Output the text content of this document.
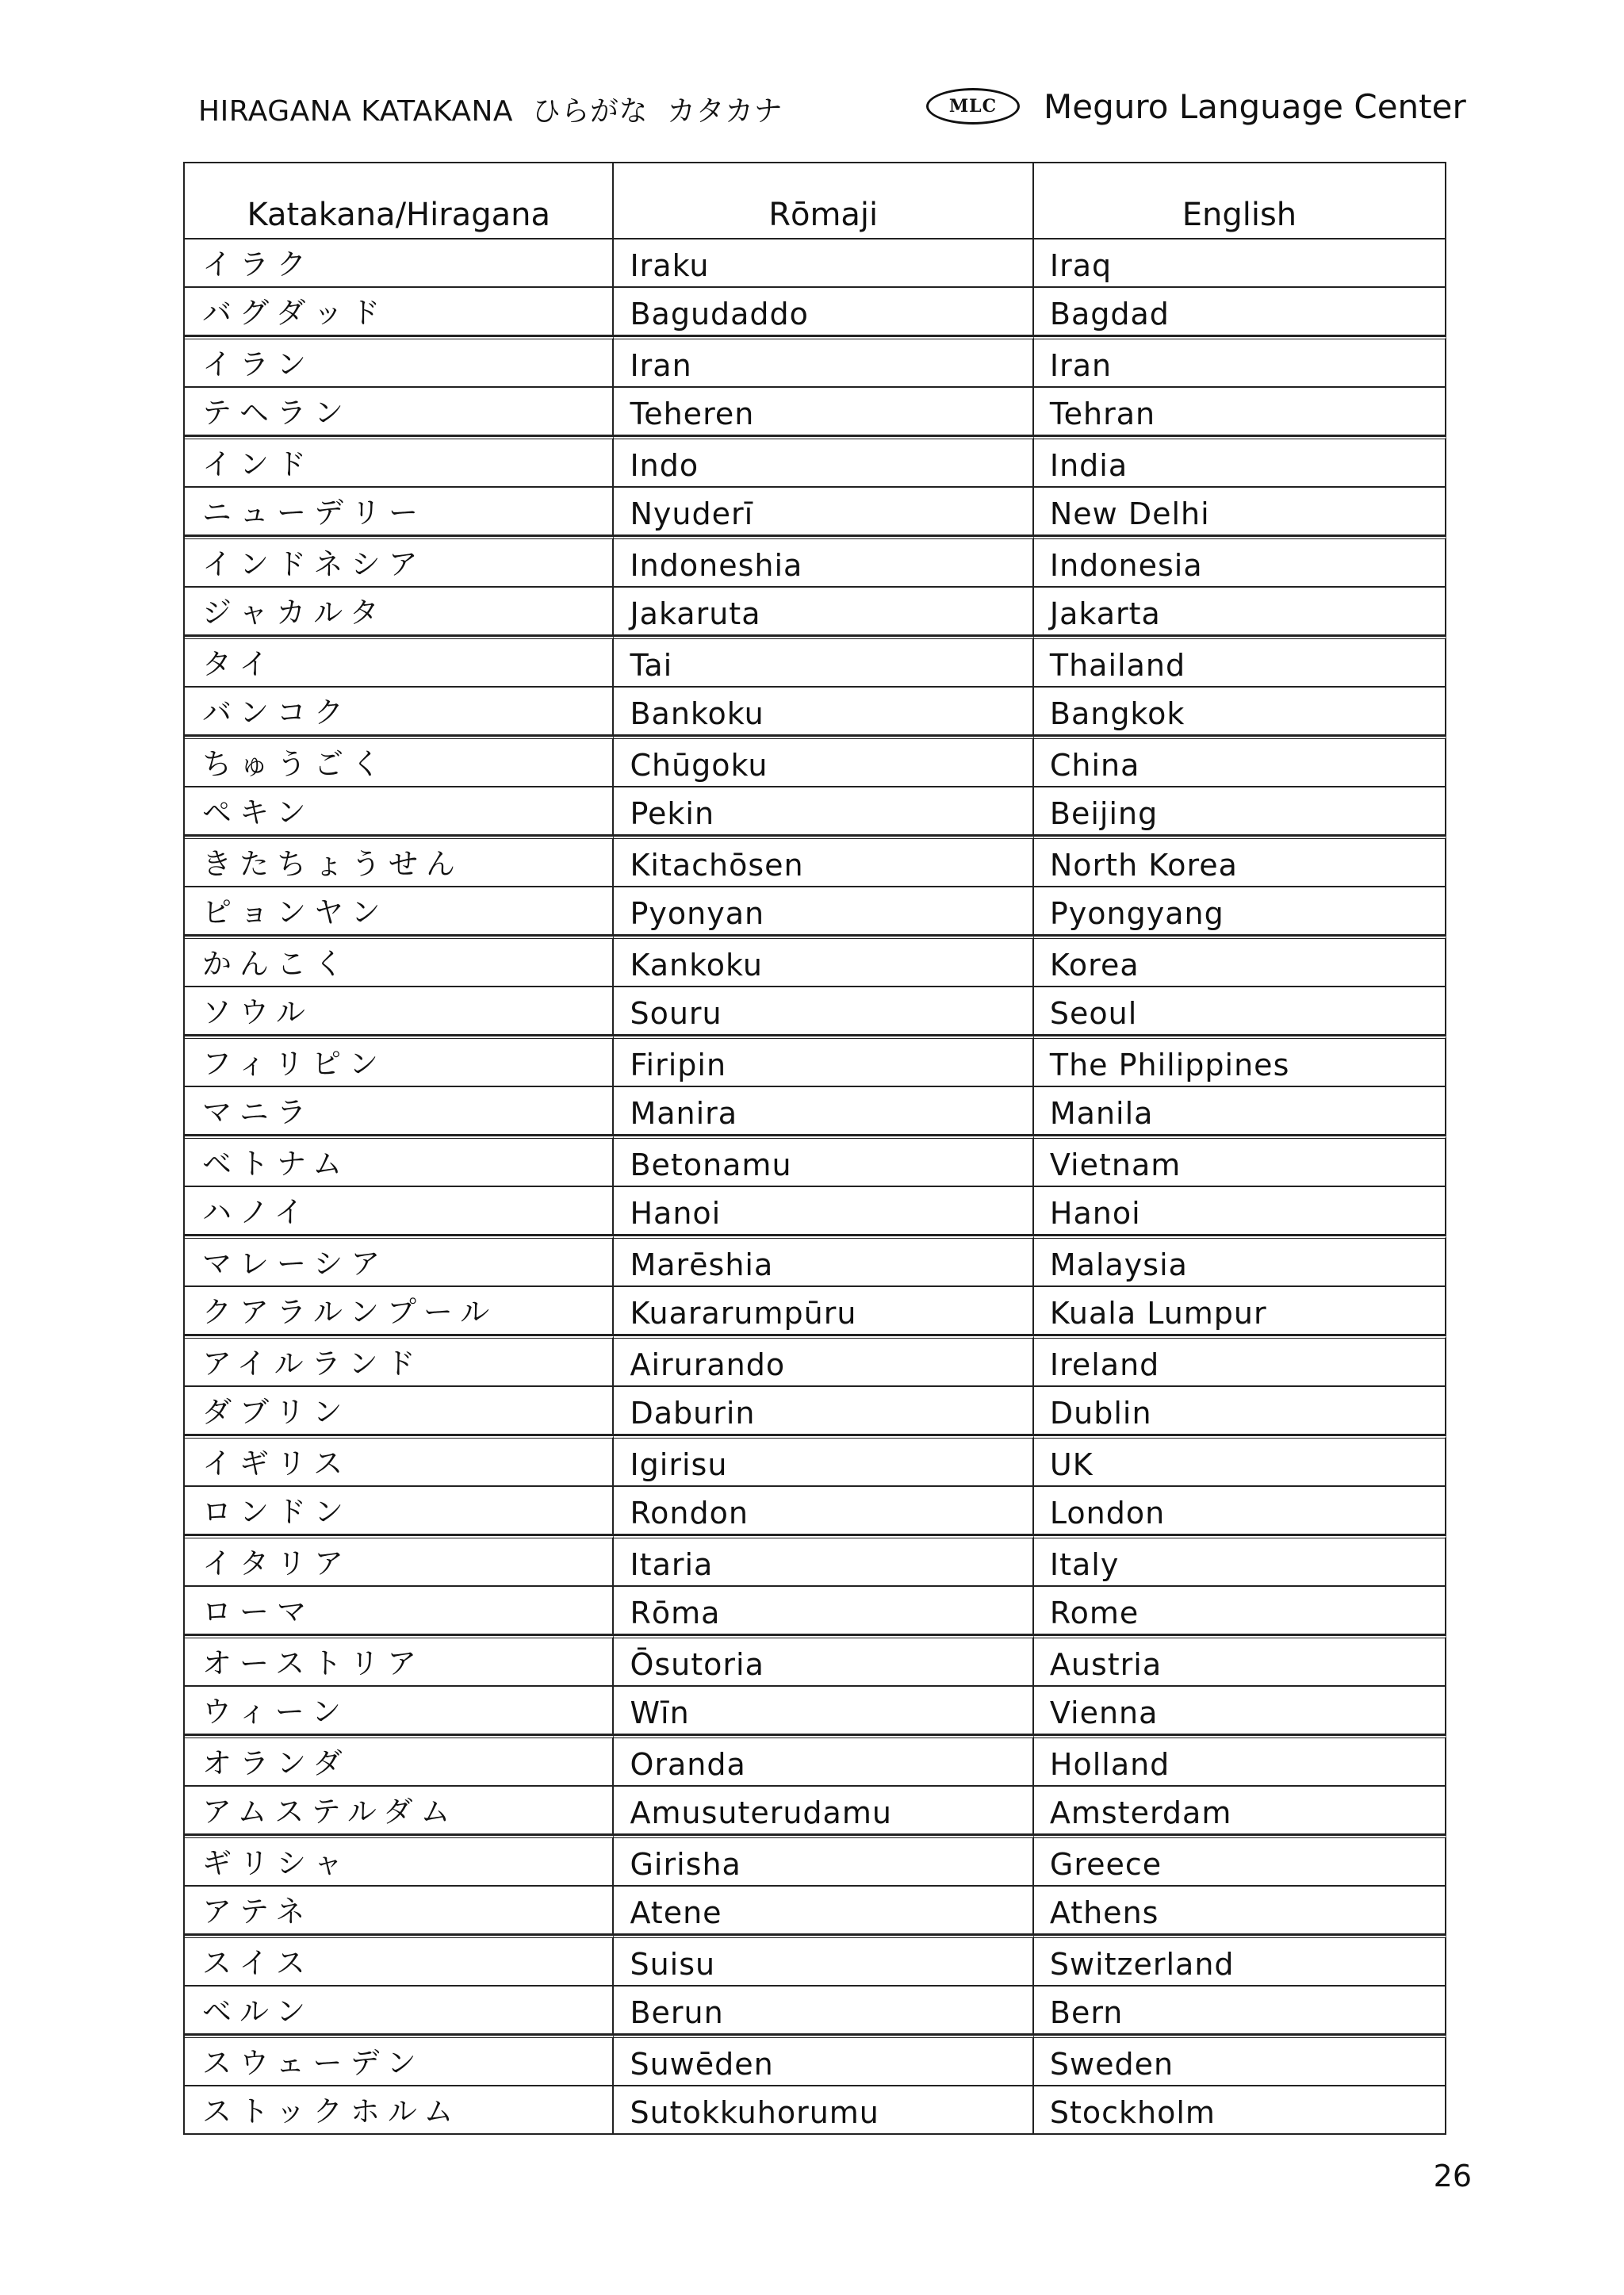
HIRAGANA KATAKANA ひらがな カタカナ	MLC Meguro Language Center
Katakana/Hiragana	Rōmaji	English
イラク	Iraku	Iraq
バグダッド	Bagudaddo	Bagdad
イラン	Iran	Iran
テヘラン	Teheren	Tehran
インド	Indo	India
ニューデリー	Nyuderī	New Delhi
インドネシア	Indoneshia	Indonesia
ジャカルタ	Jakaruta	Jakarta
タイ	Tai	Thailand
バンコク	Bankoku	Bangkok
ちゅうごく	Chūgoku	China
ペキン	Pekin	Beijing
きたちょうせん	Kitachōsen	North Korea
ピョンヤン	Pyonyan	Pyongyang
かんこく	Kankoku	Korea
ソウル	Souru	Seoul
フィリピン	Firipin	The Philippines
マニラ	Manira	Manila
ベトナム	Betonamu	Vietnam
ハノイ	Hanoi	Hanoi
マレーシア	Marēshia	Malaysia
クアラルンプール	Kuararumpūru	Kuala Lumpur
アイルランド	Airurando	Ireland
ダブリン	Daburin	Dublin
イギリス	Igirisu	UK
ロンドン	Rondon	London
イタリア	Itaria	Italy
ローマ	Rōma	Rome
オーストリア	Ōsutoria	Austria
ウィーン	Wīn	Vienna
オランダ	Oranda	Holland
アムステルダム	Amusuterudamu	Amsterdam
ギリシャ	Girisha	Greece
アテネ	Atene	Athens
スイス	Suisu	Switzerland
ベルン	Berun	Bern
スウェーデン	Suwēden	Sweden
ストックホルム	Sutokkuhorumu	Stockholm
26
